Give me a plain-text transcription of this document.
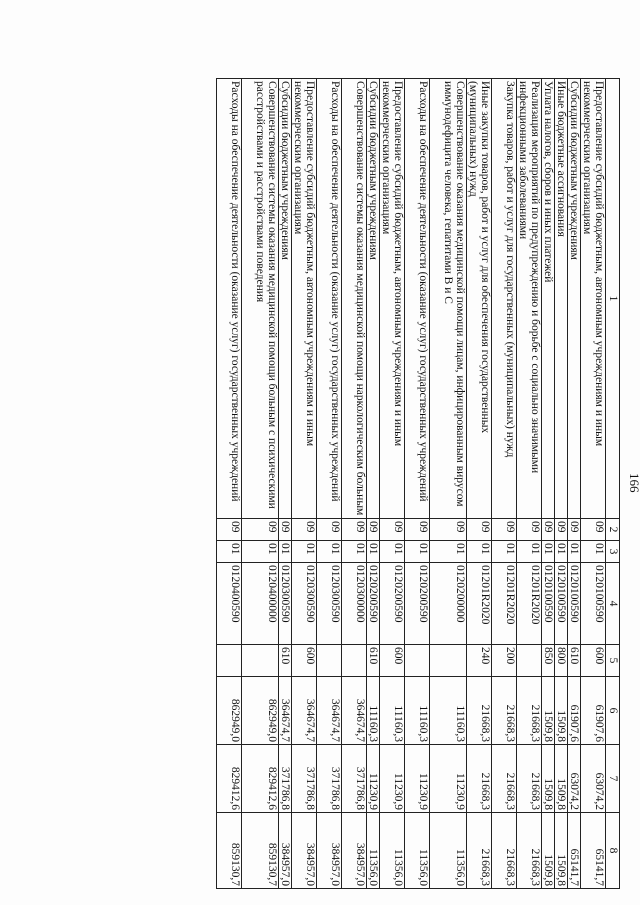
166
1	2	3	4	5	6	7	8
Предоставление субсидий бюджетным, автономным учреждениям и иным некоммерческим организациям	09	01	0120100590	600	61907,6	63074,2	65141,7
Субсидии бюджетным учреждениям	09	01	0120100590	610	61907,6	63074,2	65141,7
Иные бюджетные ассигнования	09	01	0120100590	800	1509,8	1509,8	1509,8
Уплата налогов, сборов и иных платежей	09	01	0120100590	850	1509,8	1509,8	1509,8
Реализация мероприятий по предупреждению и борьбе с социально значимыми инфекционными заболеваниями	09	01	01201R2020		21668,3	21668,3	21668,3
Закупка товаров, работ и услуг для государственных (муниципальных) нужд	09	01	01201R2020	200	21668,3	21668,3	21668,3
Иные закупки товаров, работ и услуг для обеспечения государственных (муниципальных) нужд	09	01	01201R2020	240	21668,3	21668,3	21668,3
Совершенствование оказания медицинской помощи лицам, инфицированным вирусом иммунодефицита человека, гепатитами B и C	09	01	0120200000		11160,3	11230,9	11356,0
Расходы на обеспечение деятельности (оказание услуг) государственных учреждений	09	01	0120200590		11160,3	11230,9	11356,0
Предоставление субсидий бюджетным, автономным учреждениям и иным некоммерческим организациям	09	01	0120200590	600	11160,3	11230,9	11356,0
Субсидии бюджетным учреждениям	09	01	0120200590	610	11160,3	11230,9	11356,0
Совершенствование системы оказания медицинской помощи наркологическим больным	09	01	0120300000		364674,7	371786,8	384957,0
Расходы на обеспечение деятельности (оказание услуг) государственных учреждений	09	01	0120300590		364674,7	371786,8	384957,0
Предоставление субсидий бюджетным, автономным учреждениям и иным некоммерческим организациям	09	01	0120300590	600	364674,7	371786,8	384957,0
Субсидии бюджетным учреждениям	09	01	0120300590	610	364674,7	371786,8	384957,0
Совершенствование системы оказания медицинской помощи больным с психическими расстройствами и расстройствами поведения	09	01	0120400000		862949,0	829412,6	859130,7
Расходы на обеспечение деятельности (оказание услуг) государственных учреждений	09	01	0120400590		862949,0	829412,6	859130,7
